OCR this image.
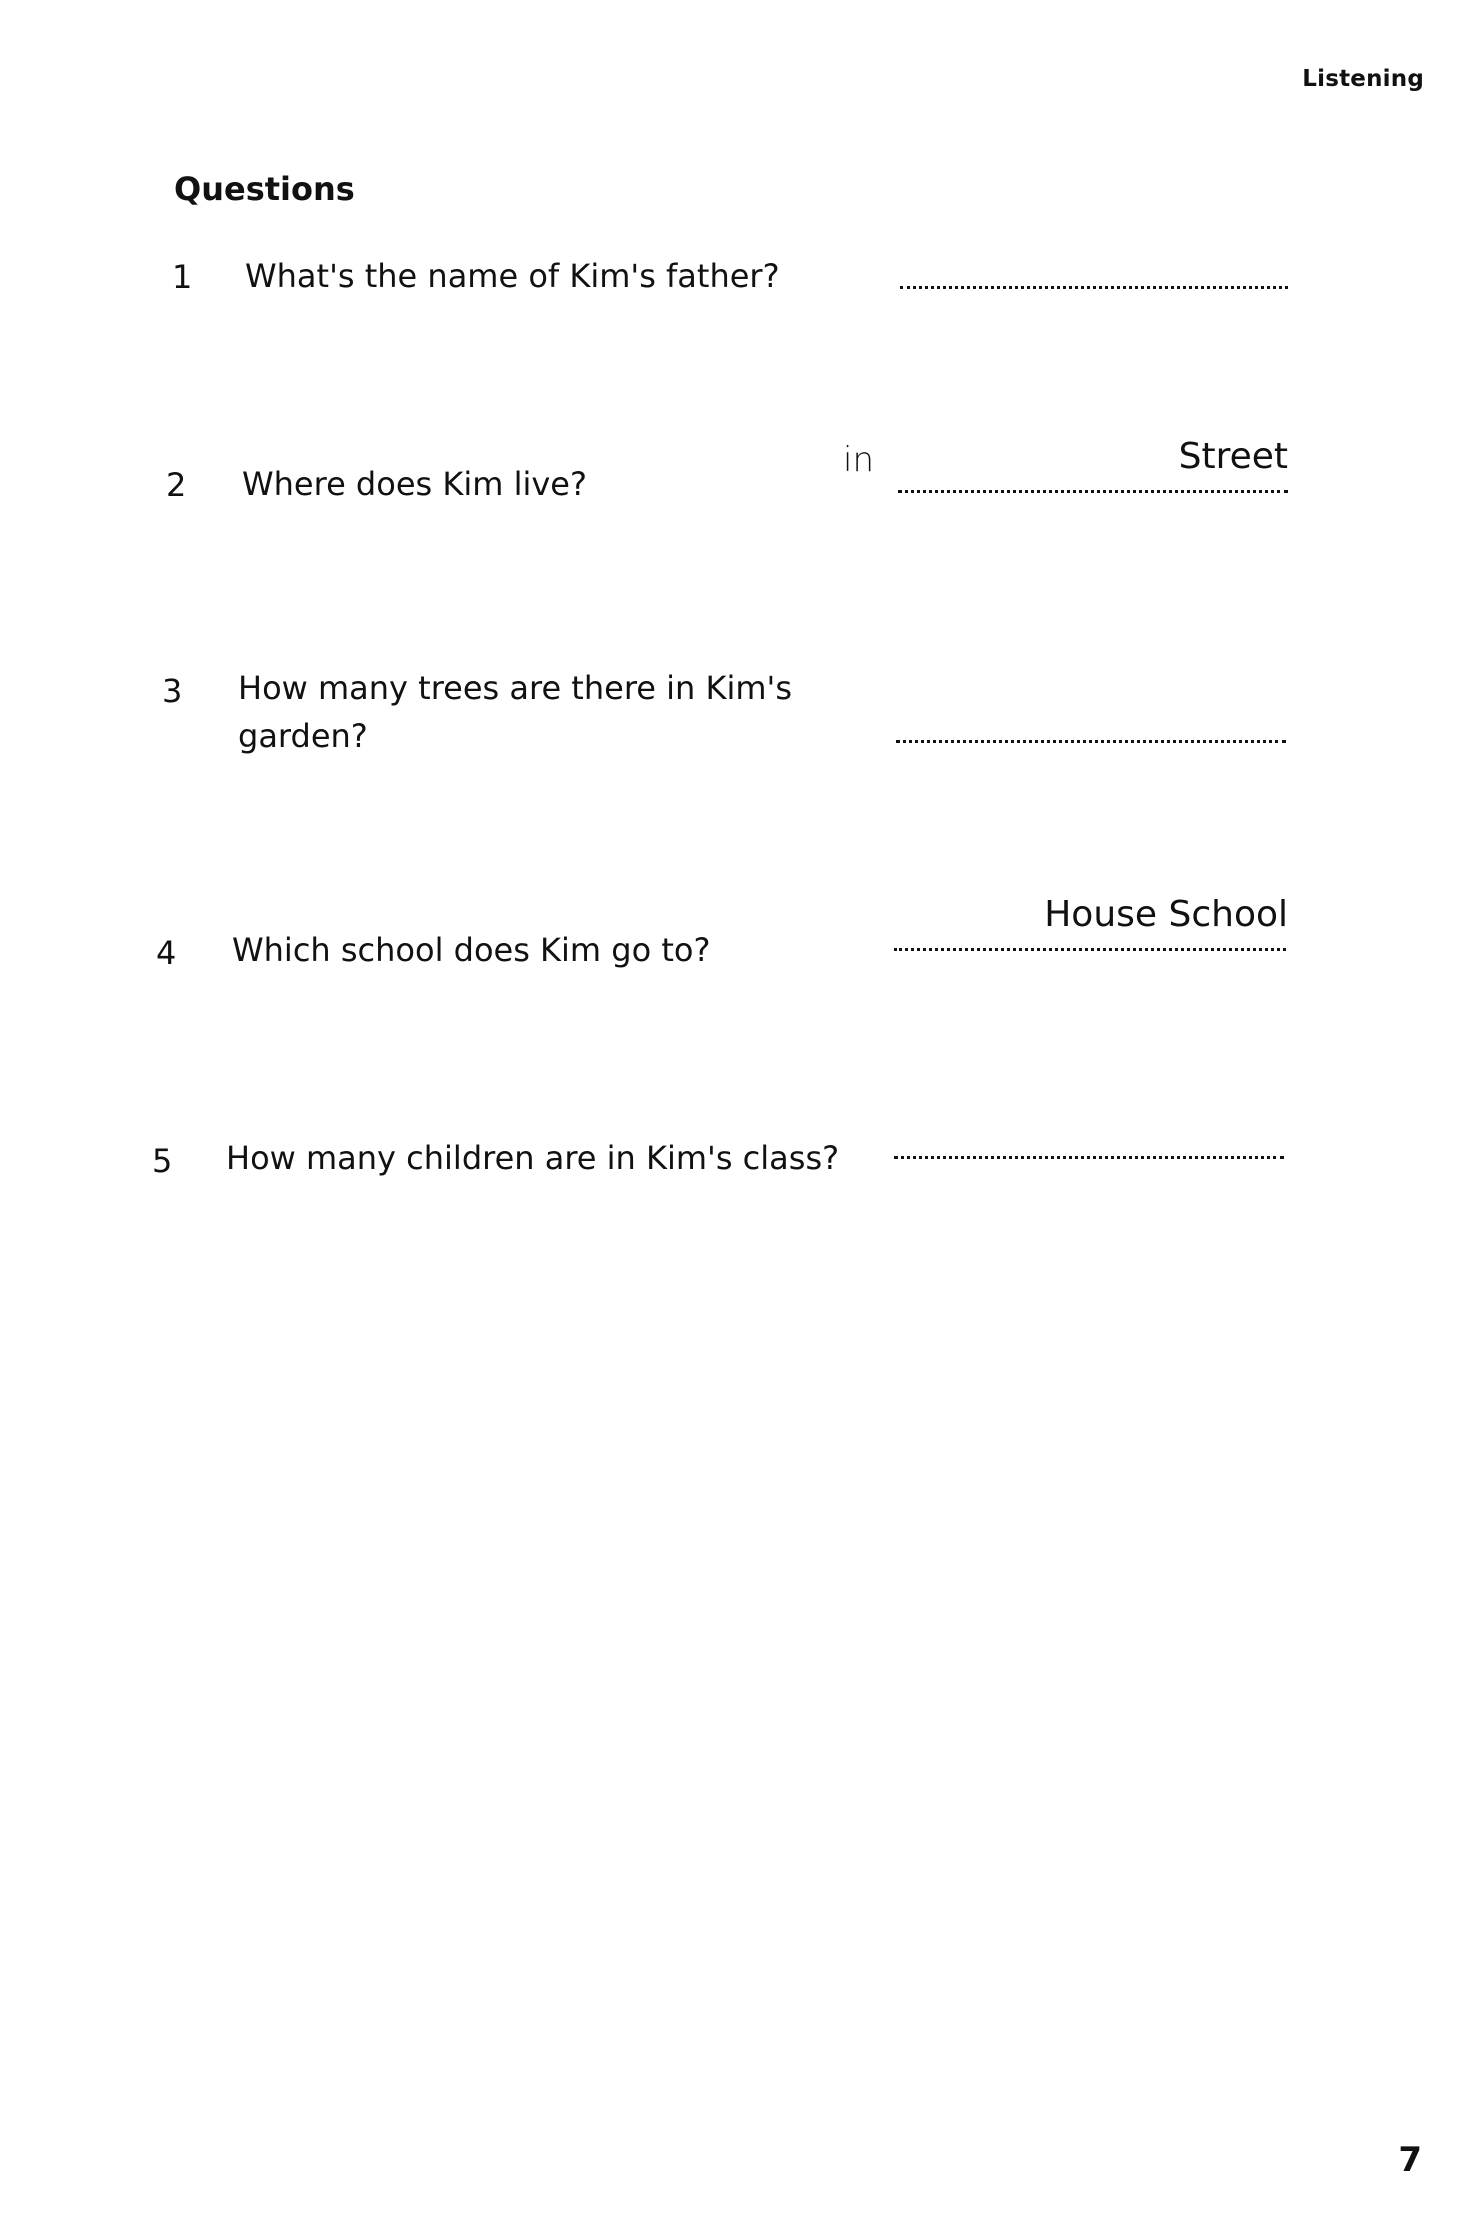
Listening
Questions
1	What's the name of Kim's father?
2	Where does Kim live?
in	Street
3	How many trees are there in Kim's garden?
4	Which school does Kim go to?
House School
5	How many children are in Kim's class?
7
